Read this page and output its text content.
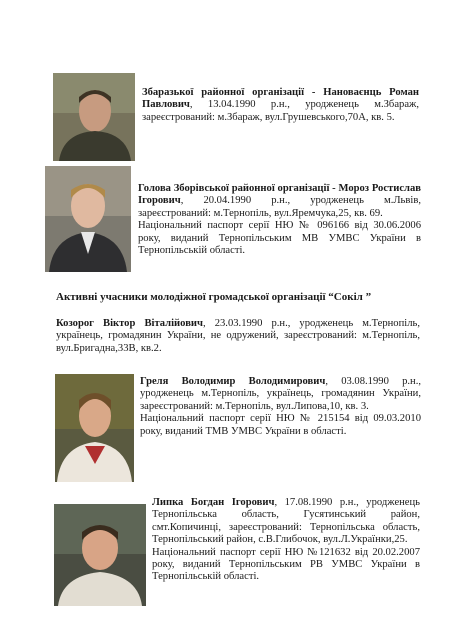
Збаразької районної організації - Нановаєнць Роман Павлович, 13.04.1990 р.н., уродженець м.Збараж, зареєстрований: м.Збараж, вул.Грушевського,70А, кв. 5.
Голова Зборівської районної організації - Мороз Ростислав Ігорович, 20.04.1990 р.н., уродженець м.Львів, зареєстрований: м.Тернопіль, вул.Яремчука,25, кв. 69.
Національний паспорт серії НЮ № 096166 від 30.06.2006 року, виданий Тернопільським МВ УМВС України в Тернопільській області.
Активні учасники молодіжної громадської організації “Сокіл ”
Козорог Віктор Віталійович, 23.03.1990 р.н., уродженець м.Тернопіль, українець, громадянин України, не одружений, зареєстрований: м.Тернопіль, вул.Бригадна,33В, кв.2.
Греля Володимир Володимирович, 03.08.1990 р.н., уродженець м.Тернопіль, українець, громадянин України, зареєстрований: м.Тернопіль, вул.Липова,10, кв. 3.
Національний паспорт серії НЮ № 215154 від 09.03.2010 року, виданий ТМВ УМВС України в області.
Липка Богдан Ігорович, 17.08.1990 р.н., уродженець Тернопільська область, Гусятинський район, смт.Копичинці, зареєстрований: Тернопільська область, Тернопільський район, с.В.Глибочок, вул.Л.Українки,25.
Національний паспорт серії НЮ №121632 від 20.02.2007 року, виданий Тернопільським РВ УМВС України в Тернопільській області.
